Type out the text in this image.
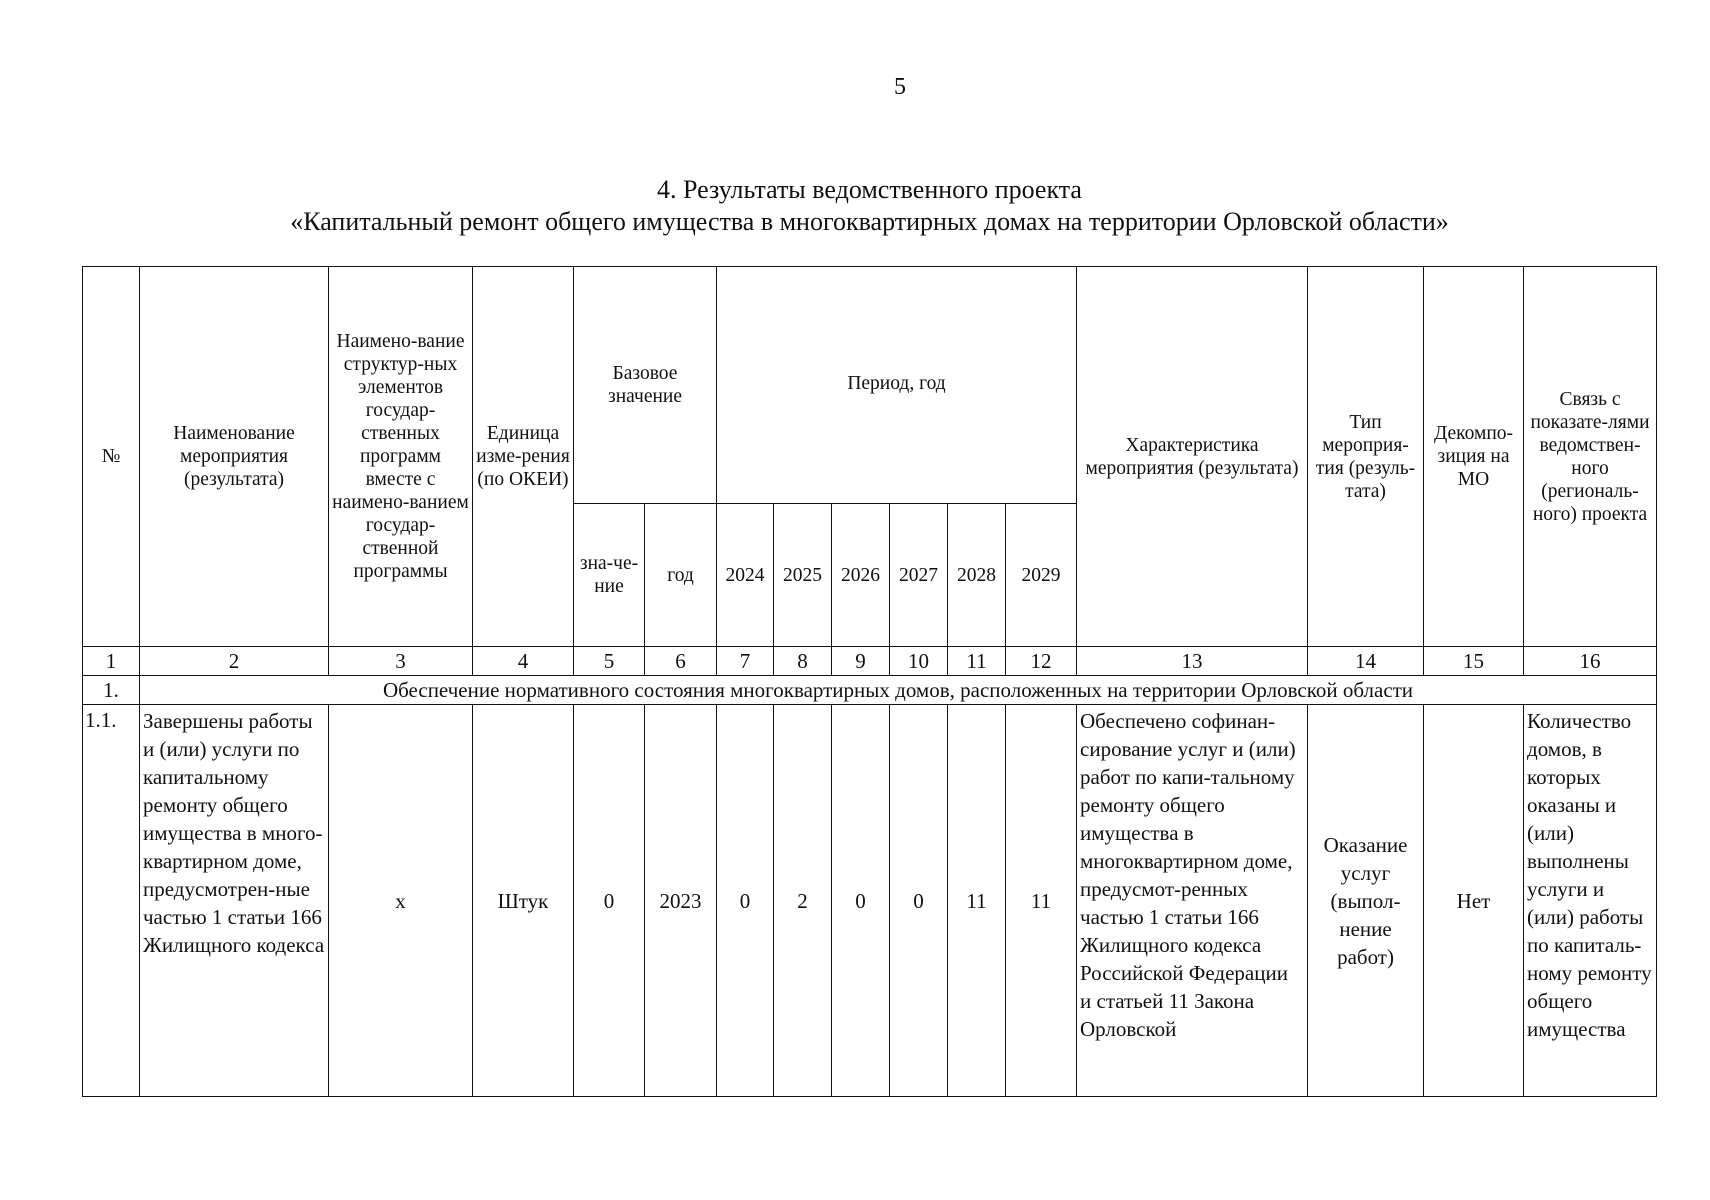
5
4. Результаты ведомственного проекта
«Капитальный ремонт общего имущества в многоквартирных домах на территории Орловской области»
№	Наименование мероприятия (результата)	Наимено-вание структур-ных элементов государ-ственных программ вместе с наимено-ванием государ-ственной программы	Единица изме-рения (по ОКЕИ)	Базовое значение		Период, год						Характеристика мероприятия (результата)	Тип мероприя-тия (резуль-тата)	Декомпо-зиция на МО	Связь с показате-лями ведомствен-ного (региональ-ного) проекта
				зна-че-ние	год	2024	2025	2026	2027	2028	2029				
1	2	3	4	5	6	7	8	9	10	11	12	13	14	15	16
1.	Обеспечение нормативного состояния многоквартирных домов, расположенных на территории Орловской области														
1.1.	Завершены работы и (или) услуги по капитальному ремонту общего имущества в много-квартирном доме, предусмотрен-ные частью 1 статьи 166 Жилищного кодекса	х	Штук	0	2023	0	2	0	0	11	11	Обеспечено софинан-сирование услуг и (или) работ по капи-тальному ремонту общего имущества в многоквартирном доме, предусмот-ренных частью 1 статьи 166 Жилищного кодекса Российской Федерации и статьей 11 Закона Орловской	Оказание услуг (выпол-нение работ)	Нет	Количество домов, в которых оказаны и (или) выполнены услуги и (или) работы по капиталь-ному ремонту общего имущества
